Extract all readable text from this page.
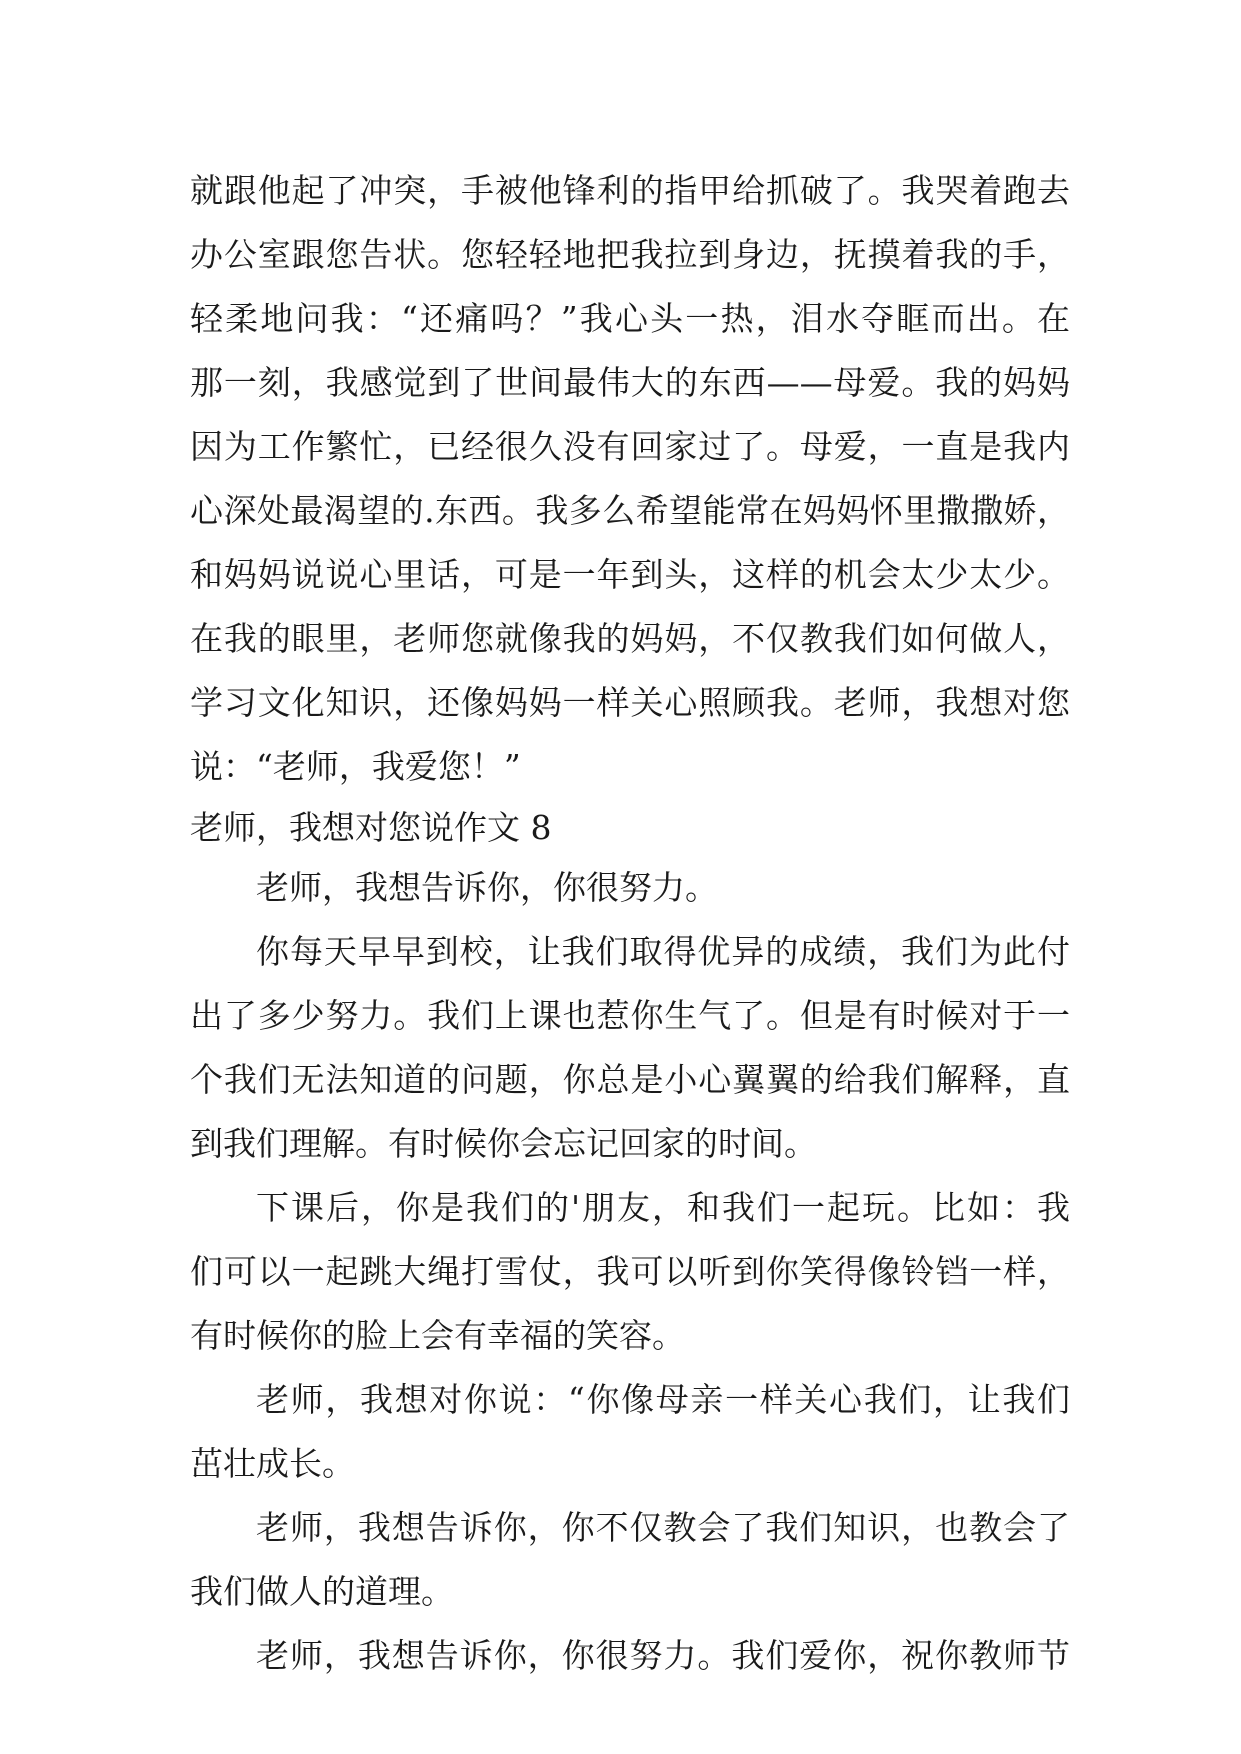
就跟他起了冲突，手被他锋利的指甲给抓破了。我哭着跑去
办公室跟您告状。您轻轻地把我拉到身边，抚摸着我的手，
轻柔地问我：“还痛吗？”我心头一热，泪水夺眶而出。在
那一刻，我感觉到了世间最伟大的东西——母爱。我的妈妈
因为工作繁忙，已经很久没有回家过了。母爱，一直是我内
心深处最渴望的.东西。我多么希望能常在妈妈怀里撒撒娇，
和妈妈说说心里话，可是一年到头，这样的机会太少太少。
在我的眼里，老师您就像我的妈妈，不仅教我们如何做人，
学习文化知识，还像妈妈一样关心照顾我。老师，我想对您
说：“老师，我爱您！”
老师，我想对您说作文 8
老师，我想告诉你，你很努力。
你每天早早到校，让我们取得优异的成绩，我们为此付
出了多少努力。我们上课也惹你生气了。但是有时候对于一
个我们无法知道的问题，你总是小心翼翼的给我们解释，直
到我们理解。有时候你会忘记回家的时间。
下课后，你是我们的'朋友，和我们一起玩。比如：我
们可以一起跳大绳打雪仗，我可以听到你笑得像铃铛一样，
有时候你的脸上会有幸福的笑容。
老师，我想对你说：“你像母亲一样关心我们，让我们
茁壮成长。
老师，我想告诉你，你不仅教会了我们知识，也教会了
我们做人的道理。
老师，我想告诉你，你很努力。我们爱你，祝你教师节
